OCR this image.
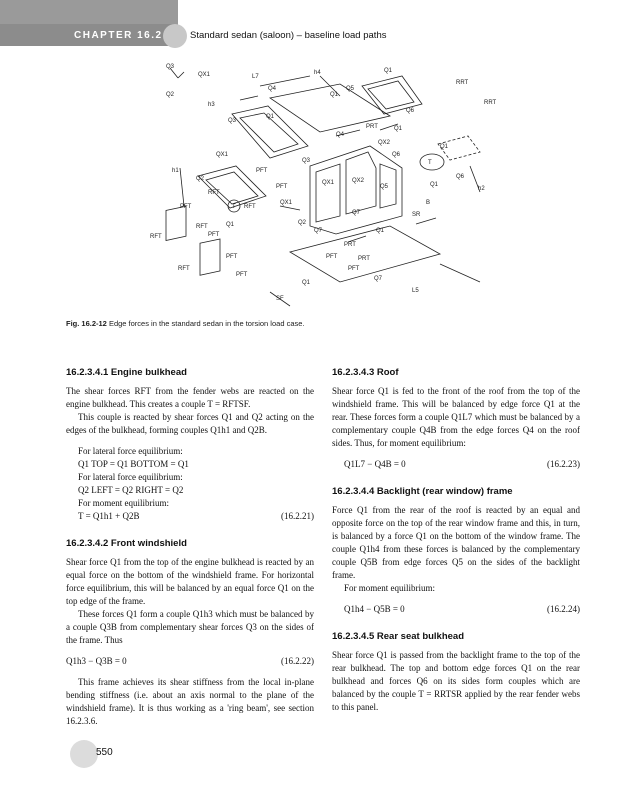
CHAPTER 16.2	Standard sedan (saloon) – baseline load paths
Q3
QX1
Q2
L7
h4	Q1
Q5
RRT
RRT
Q4
h3
Q3
Q1
Q1
PRT	Q1
Q6
QX2
Q4
Q6
Q1
h1
Q2
QX1
PFT
PFT
Q3
QX1	QX2
T
Q1
Q6
h2
RFT
T RFT
QX1
Q5
Q7
B
SR
PFT
Q1	Q2
Q7	Q1
RFT
RFT
PFT
PRT
PFT	PRT
PFT
PFT
Q7
Q1
L5
SF
RFT
PFT
Fig. 16.2-12 Edge forces in the standard sedan in the torsion load case.

16.2.3.4.1 Engine bulkhead

The shear forces RFT from the fender webs are reacted on the engine bulkhead. This creates a couple T = RFTSF.

This couple is reacted by shear forces Q1 and Q2 acting on the edges of the bulkhead, forming couples Q1h1 and Q2B.

For lateral force equilibrium:

Q1 TOP = Q1 BOTTOM = Q1

For lateral force equilibrium:

Q2 LEFT = Q2 RIGHT = Q2

For moment equilibrium:

T = Q1h1 + Q2B	(16.2.21)

16.2.3.4.2 Front windshield

Shear force Q1 from the top of the engine bulkhead is reacted by an equal force on the bottom of the windshield frame. For horizontal force equilibrium, this will be balanced by an equal force Q1 on the top edge of the frame.

These forces Q1 form a couple Q1h3 which must be balanced by a couple Q3B from complementary shear forces Q3 on the sides of the frame. Thus

Q1h3 − Q3B = 0	(16.2.22)

This frame achieves its shear stiffness from the local in-plane bending stiffness (i.e. about an axis normal to the plane of the windshield frame). It is thus working as a 'ring beam', see section 16.2.3.6.

16.2.3.4.3 Roof

Shear force Q1 is fed to the front of the roof from the top of the windshield frame. This will be balanced by edge force Q1 at the rear. These forces form a couple Q1L7 which must be balanced by a complementary couple Q4B from the edge forces Q4 on the roof sides. Thus, for moment equilibrium:

Q1L7 − Q4B = 0	(16.2.23)

16.2.3.4.4 Backlight (rear window) frame

Force Q1 from the rear of the roof is reacted by an equal and opposite force on the top of the rear window frame and this, in turn, is balanced by a force Q1 on the bottom of the window frame. The couple Q1h4 from these forces is balanced by the complementary couple Q5B from edge forces Q5 on the sides of the backlight frame.

For moment equilibrium:

Q1h4 − Q5B = 0	(16.2.24)

16.2.3.4.5 Rear seat bulkhead

Shear force Q1 is passed from the backlight frame to the top of the rear bulkhead. The top and bottom edge forces Q1 on the rear bulkhead and forces Q6 on its sides form couples which are balanced by the couple T = RRTSR applied by the rear fender webs to this panel.

550
